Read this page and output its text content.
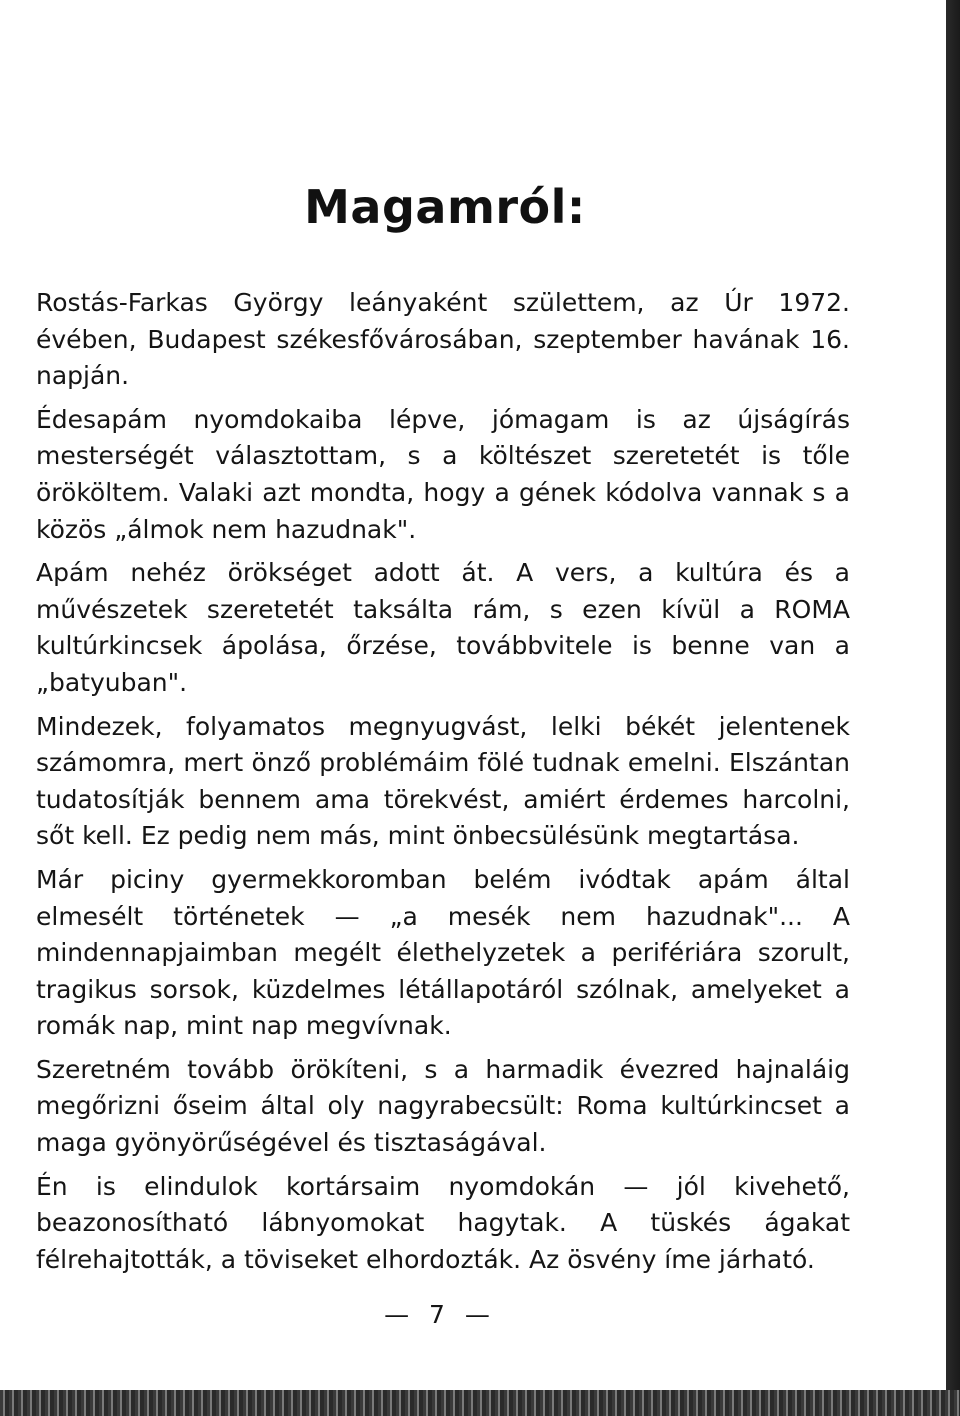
Magamról:

Rostás-Farkas György leányaként születtem, az Úr 1972. évében, Budapest székesfővárosában, szeptember havának 16. napján.

Édesapám nyomdokaiba lépve, jómagam is az újságírás mesterségét választottam, s a költészet szeretetét is tőle örököltem. Valaki azt mondta, hogy a gének kódolva vannak s a közös „álmok nem hazudnak".

Apám nehéz örökséget adott át. A vers, a kultúra és a művészetek szeretetét taksálta rám, s ezen kívül a ROMA kultúrkincsek ápolása, őrzése, továbbvitele is benne van a „batyuban".

Mindezek, folyamatos megnyugvást, lelki békét jelentenek számomra, mert önző problémáim fölé tudnak emelni. Elszántan tudatosítják bennem ama törekvést, amiért érdemes harcolni, sőt kell. Ez pedig nem más, mint önbecsülésünk megtartása.

Már piciny gyermekkoromban belém ivódtak apám által elmesélt történetek — „a mesék nem hazudnak"... A mindennapjaimban megélt élethelyzetek a perifériára szorult, tragikus sorsok, küzdelmes létállapotáról szólnak, amelyeket a romák nap, mint nap megvívnak.

Szeretném tovább örökíteni, s a harmadik évezred hajnaláig megőrizni őseim által oly nagyrabecsült: Roma kultúrkincset a maga gyönyörűségével és tisztaságával.

Én is elindulok kortársaim nyomdokán — jól kivehető, beazonosítható lábnyomokat hagytak. A tüskés ágakat félrehajtották, a töviseket elhordozták. Az ösvény íme járható.

— 7 —
